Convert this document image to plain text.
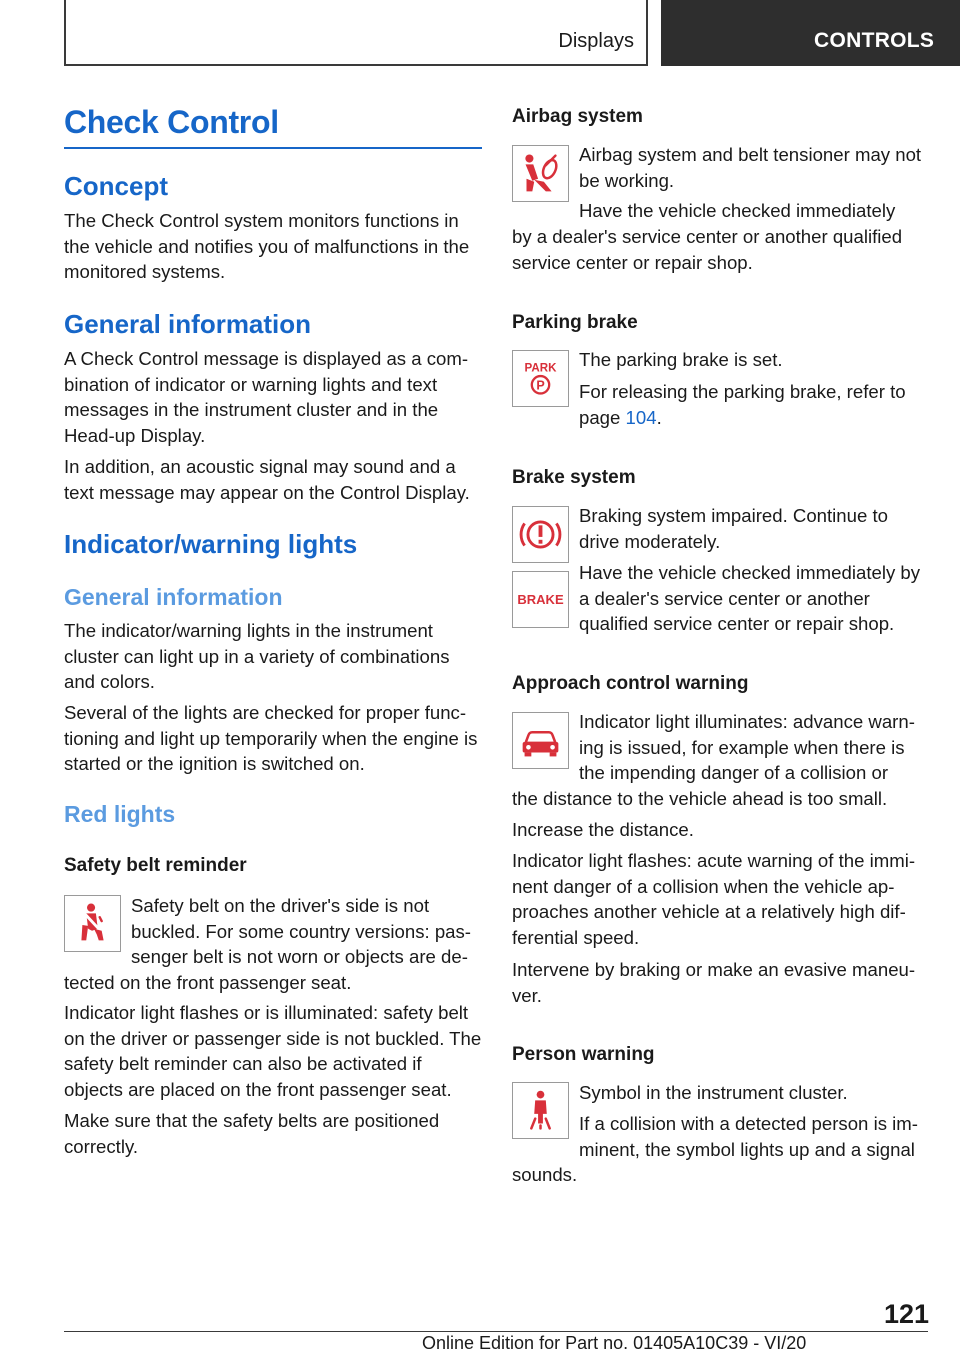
Displays	CONTROLS
Check Control
Concept
The Check Control system monitors functions in the vehicle and notifies you of malfunctions in the monitored systems.
General information
A Check Control message is displayed as a com-bination of indicator or warning lights and text messages in the instrument cluster and in the Head-up Display.
In addition, an acoustic signal may sound and a text message may appear on the Control Display.
Indicator/warning lights
General information
The indicator/warning lights in the instrument cluster can light up in a variety of combinations and colors.
Several of the lights are checked for proper func-tioning and light up temporarily when the engine is started or the ignition is switched on.
Red lights
Safety belt reminder
Safety belt on the driver's side is not buckled. For some country versions: pas-senger belt is not worn or objects are de-
tected on the front passenger seat.
Indicator light flashes or is illuminated: safety belt on the driver or passenger side is not buckled. The safety belt reminder can also be activated if objects are placed on the front passenger seat.
Make sure that the safety belts are positioned correctly.
Airbag system
Airbag system and belt tensioner may not be working.
Have the vehicle checked immediately
by a dealer's service center or another qualified service center or repair shop.
Parking brake
PARK
P
The parking brake is set.
For releasing the parking brake, refer to page 104.
Brake system
Braking system impaired. Continue to drive moderately.
BRAKE
Have the vehicle checked immediately by a dealer's service center or another qualified service center or repair shop.
Approach control warning
Indicator light illuminates: advance warn-ing is issued, for example when there is the impending danger of a collision or
the distance to the vehicle ahead is too small.
Increase the distance.
Indicator light flashes: acute warning of the immi-nent danger of a collision when the vehicle ap-proaches another vehicle at a relatively high dif-ferential speed.
Intervene by braking or make an evasive maneu-ver.
Person warning
Symbol in the instrument cluster.
If a collision with a detected person is im-minent, the symbol lights up and a signal
sounds.
121
Online Edition for Part no. 01405A10C39 - VI/20
